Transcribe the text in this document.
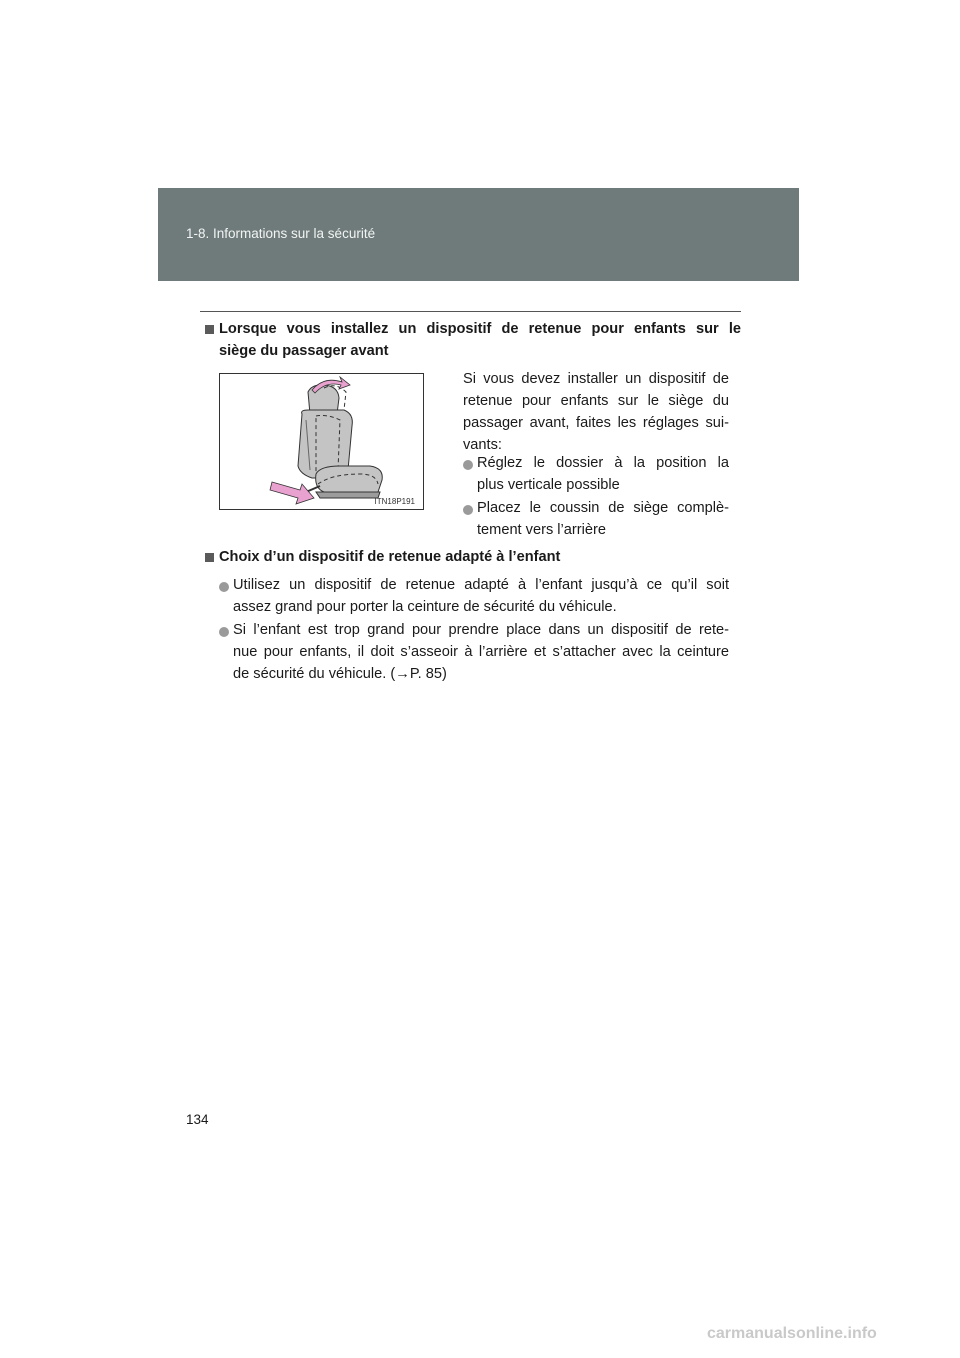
1-8. Informations sur la sécurité
Lorsque vous installez un dispositif de retenue pour enfants sur le
siège du passager avant
ITN18P191
Si vous devez installer un dispositif de
retenue pour enfants sur le siège du
passager avant, faites les réglages sui-
vants:
Réglez le dossier à la position la
plus verticale possible
Placez le coussin de siège complè-
tement vers l’arrière
Choix d’un dispositif de retenue adapté à l’enfant
Utilisez un dispositif de retenue adapté à l’enfant jusqu’à ce qu’il soit
assez grand pour porter la ceinture de sécurité du véhicule.
Si l’enfant est trop grand pour prendre place dans un dispositif de rete-
nue pour enfants, il doit s’asseoir à l’arrière et s’attacher avec la ceinture
de sécurité du véhicule. (→P. 85)
134
carmanualsonline.info
